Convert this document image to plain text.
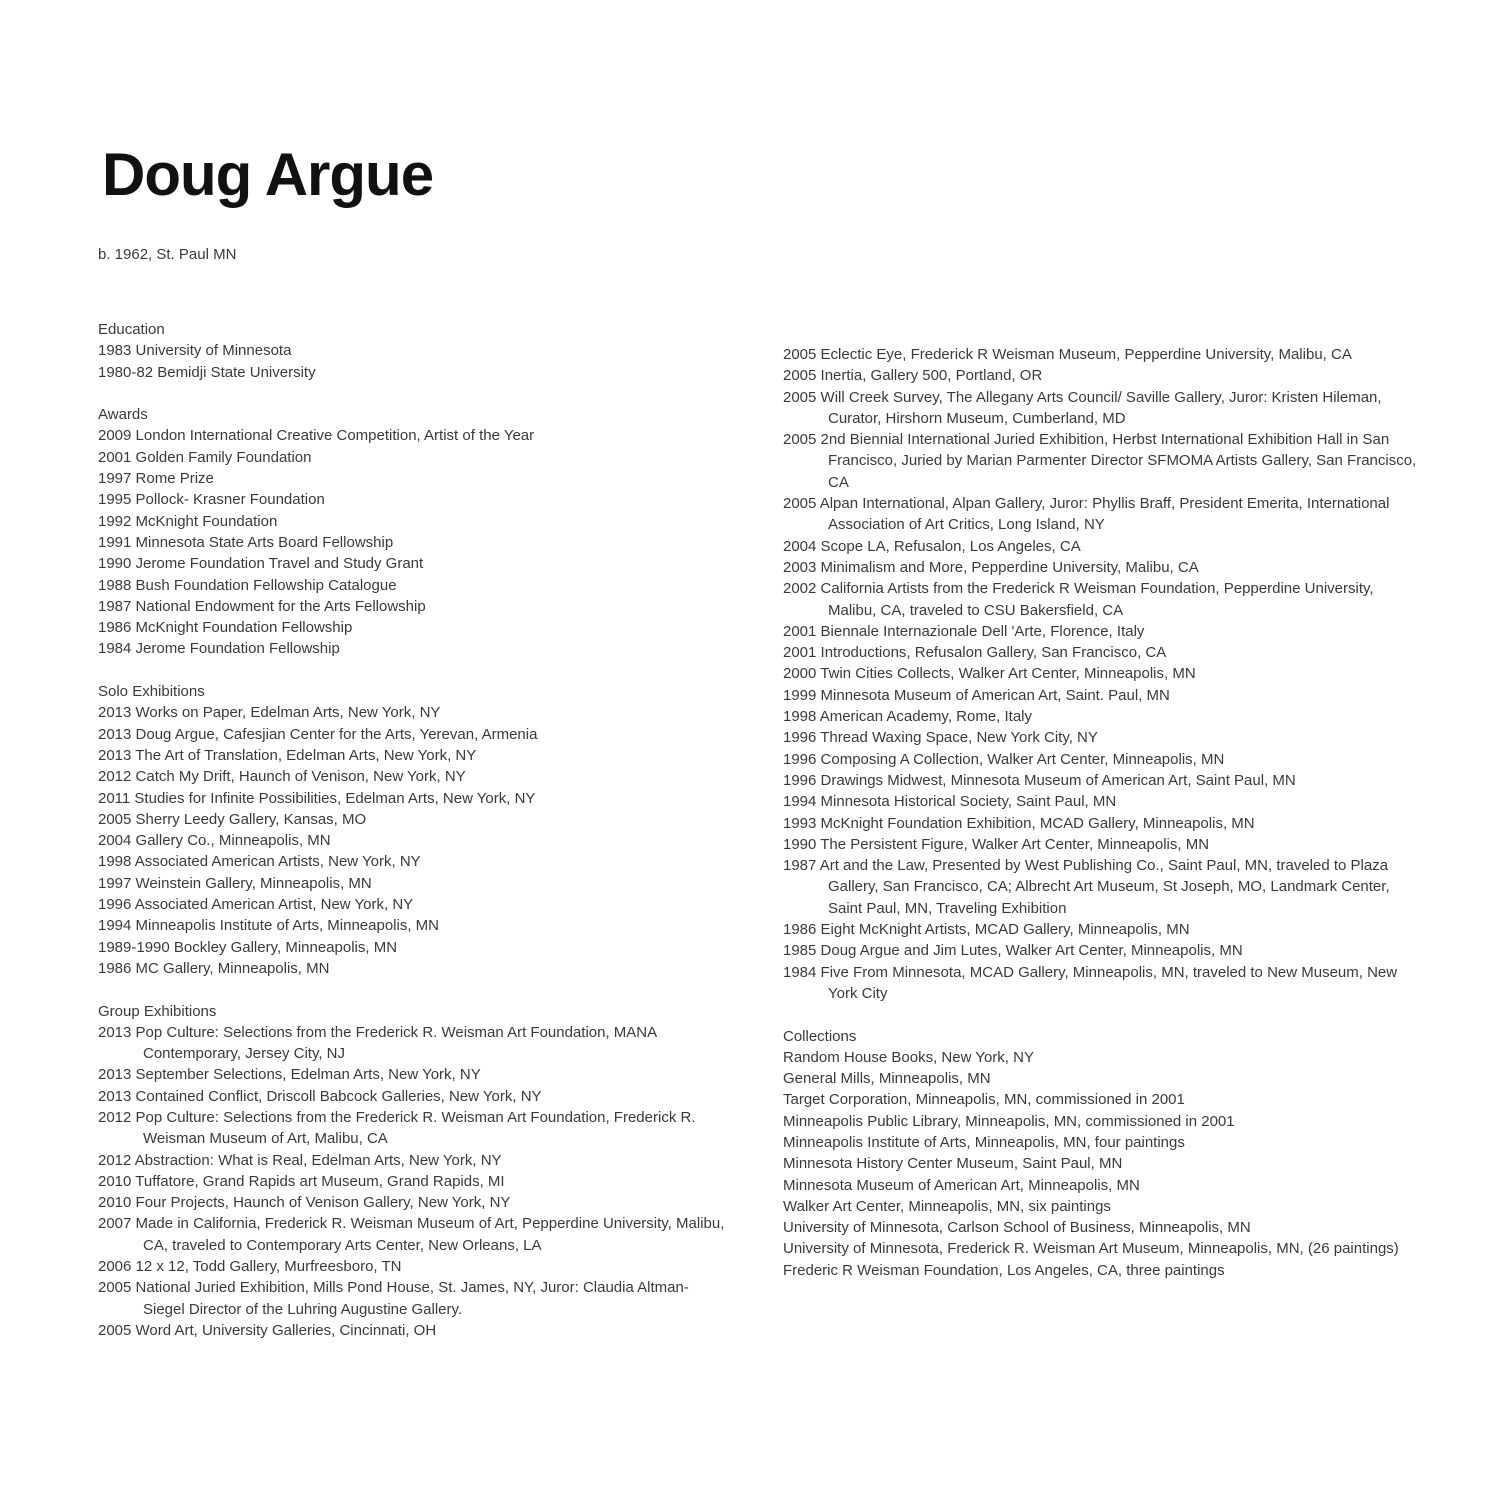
Doug Argue
b. 1962, St. Paul MN
Education
1983 University of Minnesota
1980-82 Bemidji State University
Awards
2009 London International Creative Competition, Artist of the Year
2001 Golden Family Foundation
1997 Rome Prize
1995 Pollock- Krasner Foundation
1992 McKnight Foundation
1991 Minnesota State Arts Board Fellowship
1990 Jerome Foundation Travel and Study Grant
1988 Bush Foundation Fellowship Catalogue
1987 National Endowment for the Arts Fellowship
1986 McKnight Foundation Fellowship
1984 Jerome Foundation Fellowship
Solo Exhibitions
2013 Works on Paper, Edelman Arts, New York, NY
2013 Doug Argue, Cafesjian Center for the Arts, Yerevan, Armenia
2013 The Art of Translation, Edelman Arts, New York, NY
2012 Catch My Drift, Haunch of Venison, New York, NY
2011 Studies for Infinite Possibilities, Edelman Arts, New York, NY
2005 Sherry Leedy Gallery, Kansas, MO
2004 Gallery Co., Minneapolis, MN
1998 Associated American Artists, New York, NY
1997 Weinstein Gallery, Minneapolis, MN
1996 Associated American Artist, New York, NY
1994 Minneapolis Institute of Arts, Minneapolis, MN
1989-1990 Bockley Gallery, Minneapolis, MN
1986 MC Gallery, Minneapolis, MN
Group Exhibitions
2013 Pop Culture: Selections from the Frederick R. Weisman Art Foundation, MANA Contemporary, Jersey City, NJ
2013 September Selections, Edelman Arts, New York, NY
2013 Contained Conflict, Driscoll Babcock Galleries, New York, NY
2012 Pop Culture: Selections from the Frederick R. Weisman Art Foundation, Frederick R. Weisman Museum of Art, Malibu, CA
2012 Abstraction: What is Real, Edelman Arts, New York, NY
2010 Tuffatore, Grand Rapids art Museum, Grand Rapids, MI
2010 Four Projects, Haunch of Venison Gallery, New York, NY
2007 Made in California, Frederick R. Weisman Museum of Art, Pepperdine University, Malibu, CA, traveled to Contemporary Arts Center, New Orleans, LA
2006 12 x 12, Todd Gallery, Murfreesboro, TN
2005 National Juried Exhibition, Mills Pond House, St. James, NY, Juror: Claudia Altman-Siegel Director of the Luhring Augustine Gallery.
2005 Word Art, University Galleries, Cincinnati, OH
2005 Eclectic Eye, Frederick R Weisman Museum, Pepperdine University, Malibu, CA
2005 Inertia, Gallery 500, Portland, OR
2005 Will Creek Survey, The Allegany Arts Council/ Saville Gallery, Juror: Kristen Hileman, Curator, Hirshorn Museum, Cumberland, MD
2005 2nd Biennial International Juried Exhibition, Herbst International Exhibition Hall in San Francisco, Juried by Marian Parmenter Director SFMOMA Artists Gallery, San Francisco, CA
2005 Alpan International, Alpan Gallery, Juror: Phyllis Braff, President Emerita, International Association of Art Critics, Long Island, NY
2004 Scope LA, Refusalon, Los Angeles, CA
2003 Minimalism and More, Pepperdine University, Malibu, CA
2002 California Artists from the Frederick R Weisman Foundation, Pepperdine University, Malibu, CA, traveled to CSU Bakersfield, CA
2001 Biennale Internazionale Dell 'Arte, Florence, Italy
2001 Introductions, Refusalon Gallery, San Francisco, CA
2000 Twin Cities Collects, Walker Art Center, Minneapolis, MN
1999 Minnesota Museum of American Art, Saint. Paul, MN
1998 American Academy, Rome, Italy
1996 Thread Waxing Space, New York City, NY
1996 Composing A Collection, Walker Art Center, Minneapolis, MN
1996 Drawings Midwest, Minnesota Museum of American Art, Saint Paul, MN
1994 Minnesota Historical Society, Saint Paul, MN
1993 McKnight Foundation Exhibition, MCAD Gallery, Minneapolis, MN
1990 The Persistent Figure, Walker Art Center, Minneapolis, MN
1987 Art and the Law, Presented by West Publishing Co., Saint Paul, MN, traveled to Plaza Gallery, San Francisco, CA; Albrecht Art Museum, St Joseph, MO, Landmark Center, Saint Paul, MN, Traveling Exhibition
1986 Eight McKnight Artists, MCAD Gallery, Minneapolis, MN
1985 Doug Argue and Jim Lutes, Walker Art Center, Minneapolis, MN
1984 Five From Minnesota, MCAD Gallery, Minneapolis, MN, traveled to New Museum, New York City
Collections
Random House Books, New York, NY
General Mills, Minneapolis, MN
Target Corporation, Minneapolis, MN, commissioned in 2001
Minneapolis Public Library, Minneapolis, MN, commissioned in 2001
Minneapolis Institute of Arts, Minneapolis, MN, four paintings
Minnesota History Center Museum, Saint Paul, MN
Minnesota Museum of American Art, Minneapolis, MN
Walker Art Center, Minneapolis, MN, six paintings
University of Minnesota, Carlson School of Business, Minneapolis, MN
University of Minnesota, Frederick R. Weisman Art Museum, Minneapolis, MN, (26 paintings)
Frederic R Weisman Foundation, Los Angeles, CA, three paintings
